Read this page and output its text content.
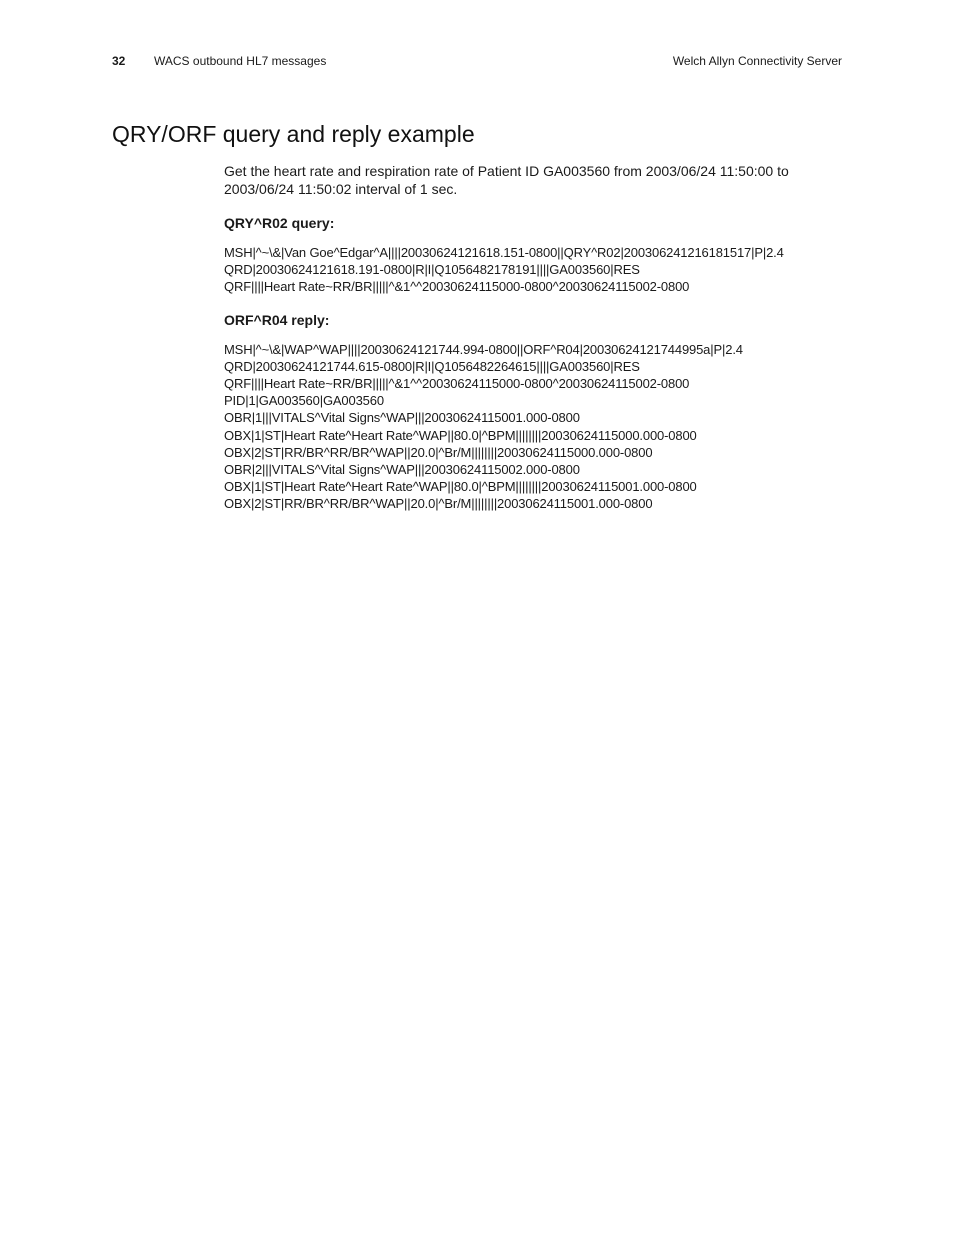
32 WACS outbound HL7 messages	Welch Allyn Connectivity Server
QRY/ORF query and reply example

Get the heart rate and respiration rate of Patient ID GA003560 from 2003/06/24 11:50:00 to 2003/06/24 11:50:02 interval of 1 sec.

QRY^R02 query:
MSH|^~\&|Van Goe^Edgar^A||||20030624121618.151-0800||QRY^R02|200306241216181517|P|2.4
QRD|20030624121618.191-0800|R|I|Q1056482178191||||GA003560|RES
QRF||||Heart Rate~RR/BR|||||^&1^^20030624115000-0800^20030624115002-0800
ORF^R04 reply:
MSH|^~\&|WAP^WAP||||20030624121744.994-0800||ORF^R04|20030624121744995a|P|2.4
QRD|20030624121744.615-0800|R|I|Q1056482264615||||GA003560|RES
QRF||||Heart Rate~RR/BR|||||^&1^^20030624115000-0800^20030624115002-0800
PID|1|GA003560|GA003560
OBR|1|||VITALS^Vital Signs^WAP|||20030624115001.000-0800
OBX|1|ST|Heart Rate^Heart Rate^WAP||80.0|^BPM||||||||20030624115000.000-0800
OBX|2|ST|RR/BR^RR/BR^WAP||20.0|^Br/M||||||||20030624115000.000-0800
OBR|2|||VITALS^Vital Signs^WAP|||20030624115002.000-0800
OBX|1|ST|Heart Rate^Heart Rate^WAP||80.0|^BPM||||||||20030624115001.000-0800
OBX|2|ST|RR/BR^RR/BR^WAP||20.0|^Br/M||||||||20030624115001.000-0800
